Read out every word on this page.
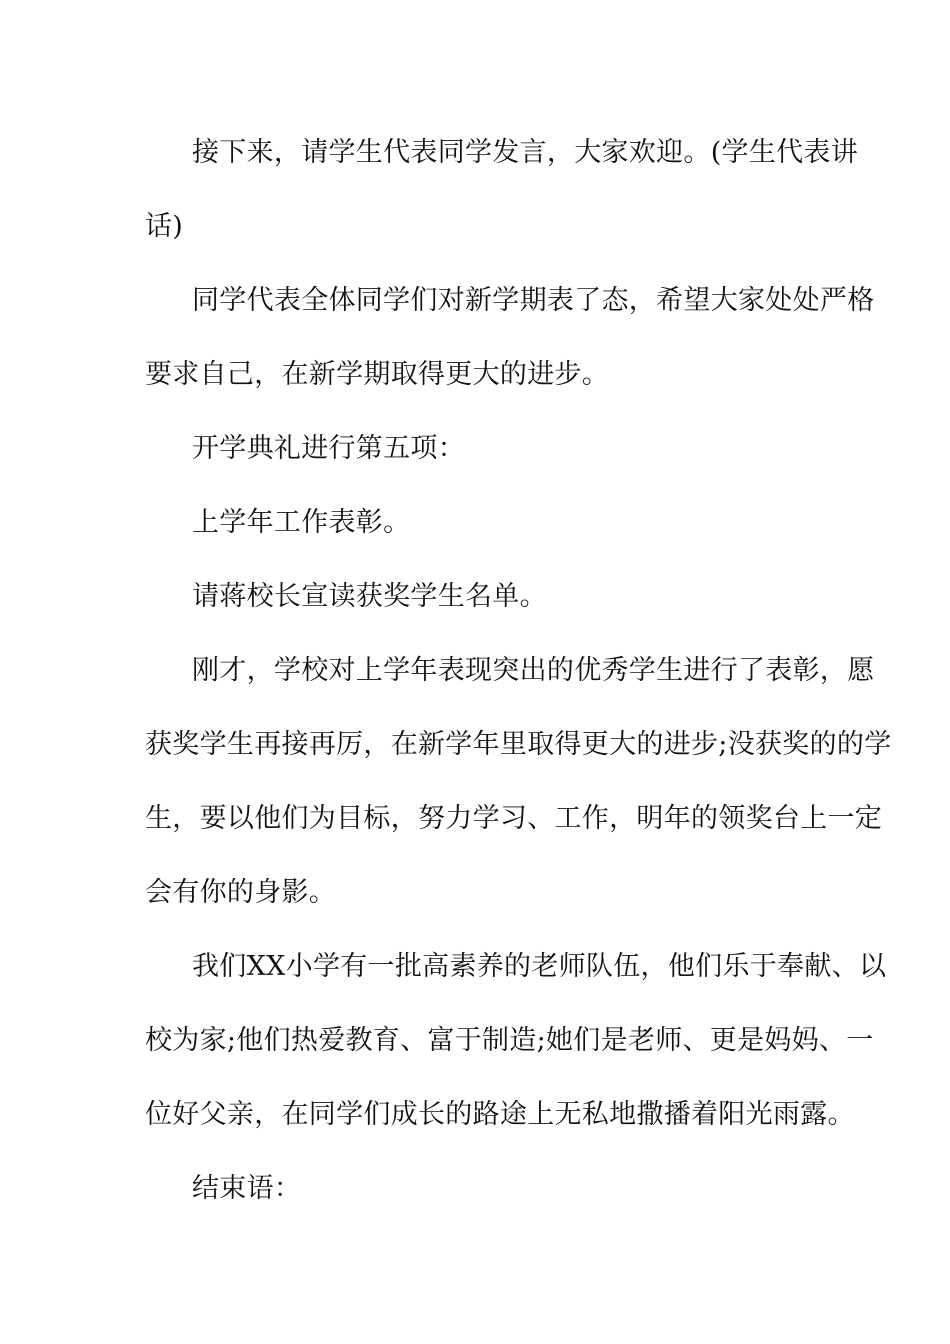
接下来，请学生代表同学发言，大家欢迎。(学生代表讲
话)
同学代表全体同学们对新学期表了态，希望大家处处严格
要求自己，在新学期取得更大的进步。
开学典礼进行第五项：
上学年工作表彰。
请蒋校长宣读获奖学生名单。
刚才，学校对上学年表现突出的优秀学生进行了表彰，愿
获奖学生再接再厉，在新学年里取得更大的进步;没获奖的的学
生，要以他们为目标，努力学习、工作，明年的领奖台上一定
会有你的身影。
我们XX小学有一批高素养的老师队伍，他们乐于奉献、以
校为家;他们热爱教育、富于制造;她们是老师、更是妈妈、一
位好父亲，在同学们成长的路途上无私地撒播着阳光雨露。
结束语：
